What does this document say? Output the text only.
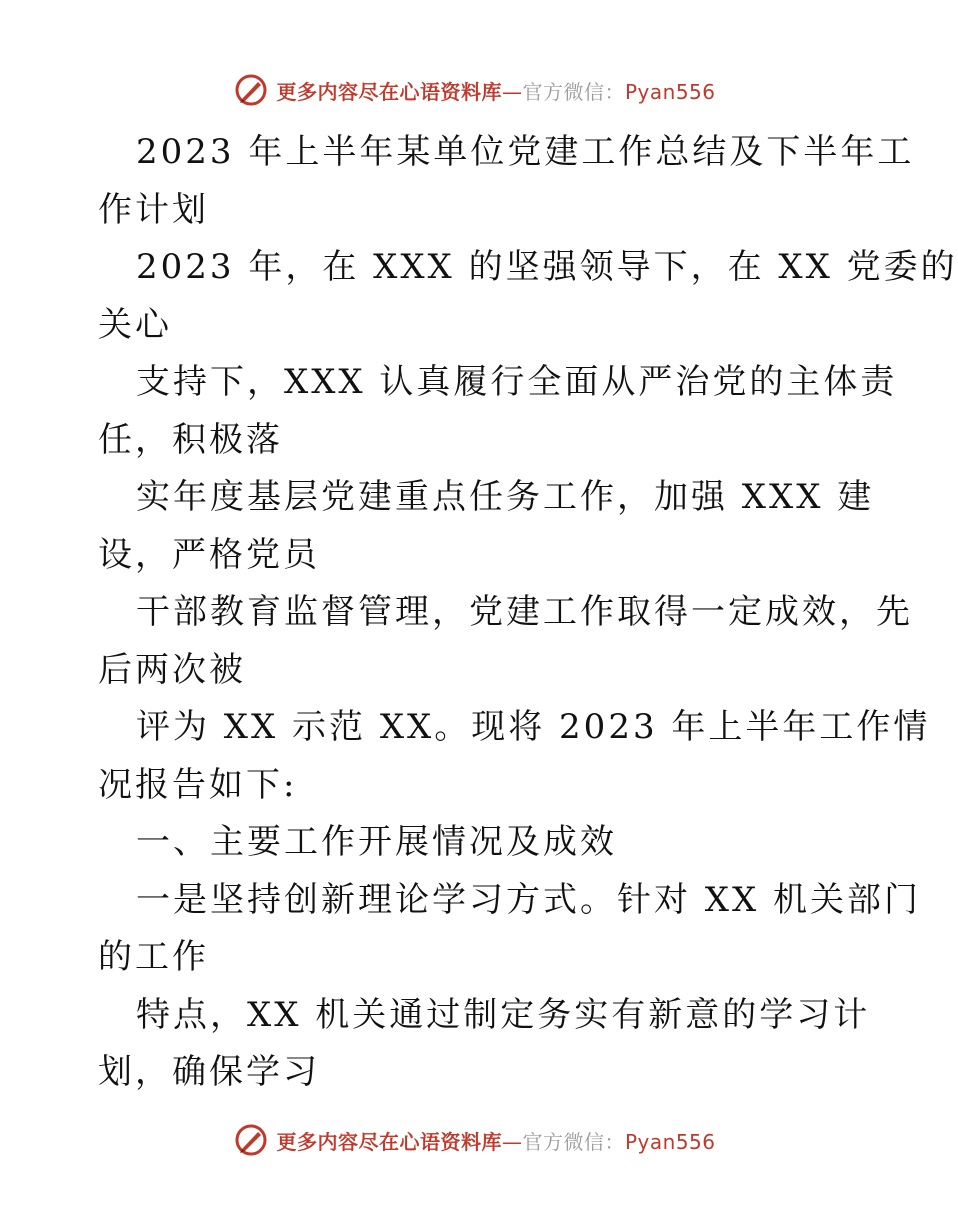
更多内容尽在心语资料库—官方微信：Pyan556

2023 年上半年某单位党建工作总结及下半年工

作计划

2023 年，在 XXX 的坚强领导下，在 XX 党委的

关心

支持下，XXX 认真履行全面从严治党的主体责

任，积极落

实年度基层党建重点任务工作，加强 XXX 建

设，严格党员

干部教育监督管理，党建工作取得一定成效，先

后两次被

评为 XX 示范 XX。现将 2023 年上半年工作情

况报告如下:

一、主要工作开展情况及成效

一是坚持创新理论学习方式。针对 XX 机关部门

的工作

特点，XX 机关通过制定务实有新意的学习计

划，确保学习

更多内容尽在心语资料库—官方微信：Pyan556
